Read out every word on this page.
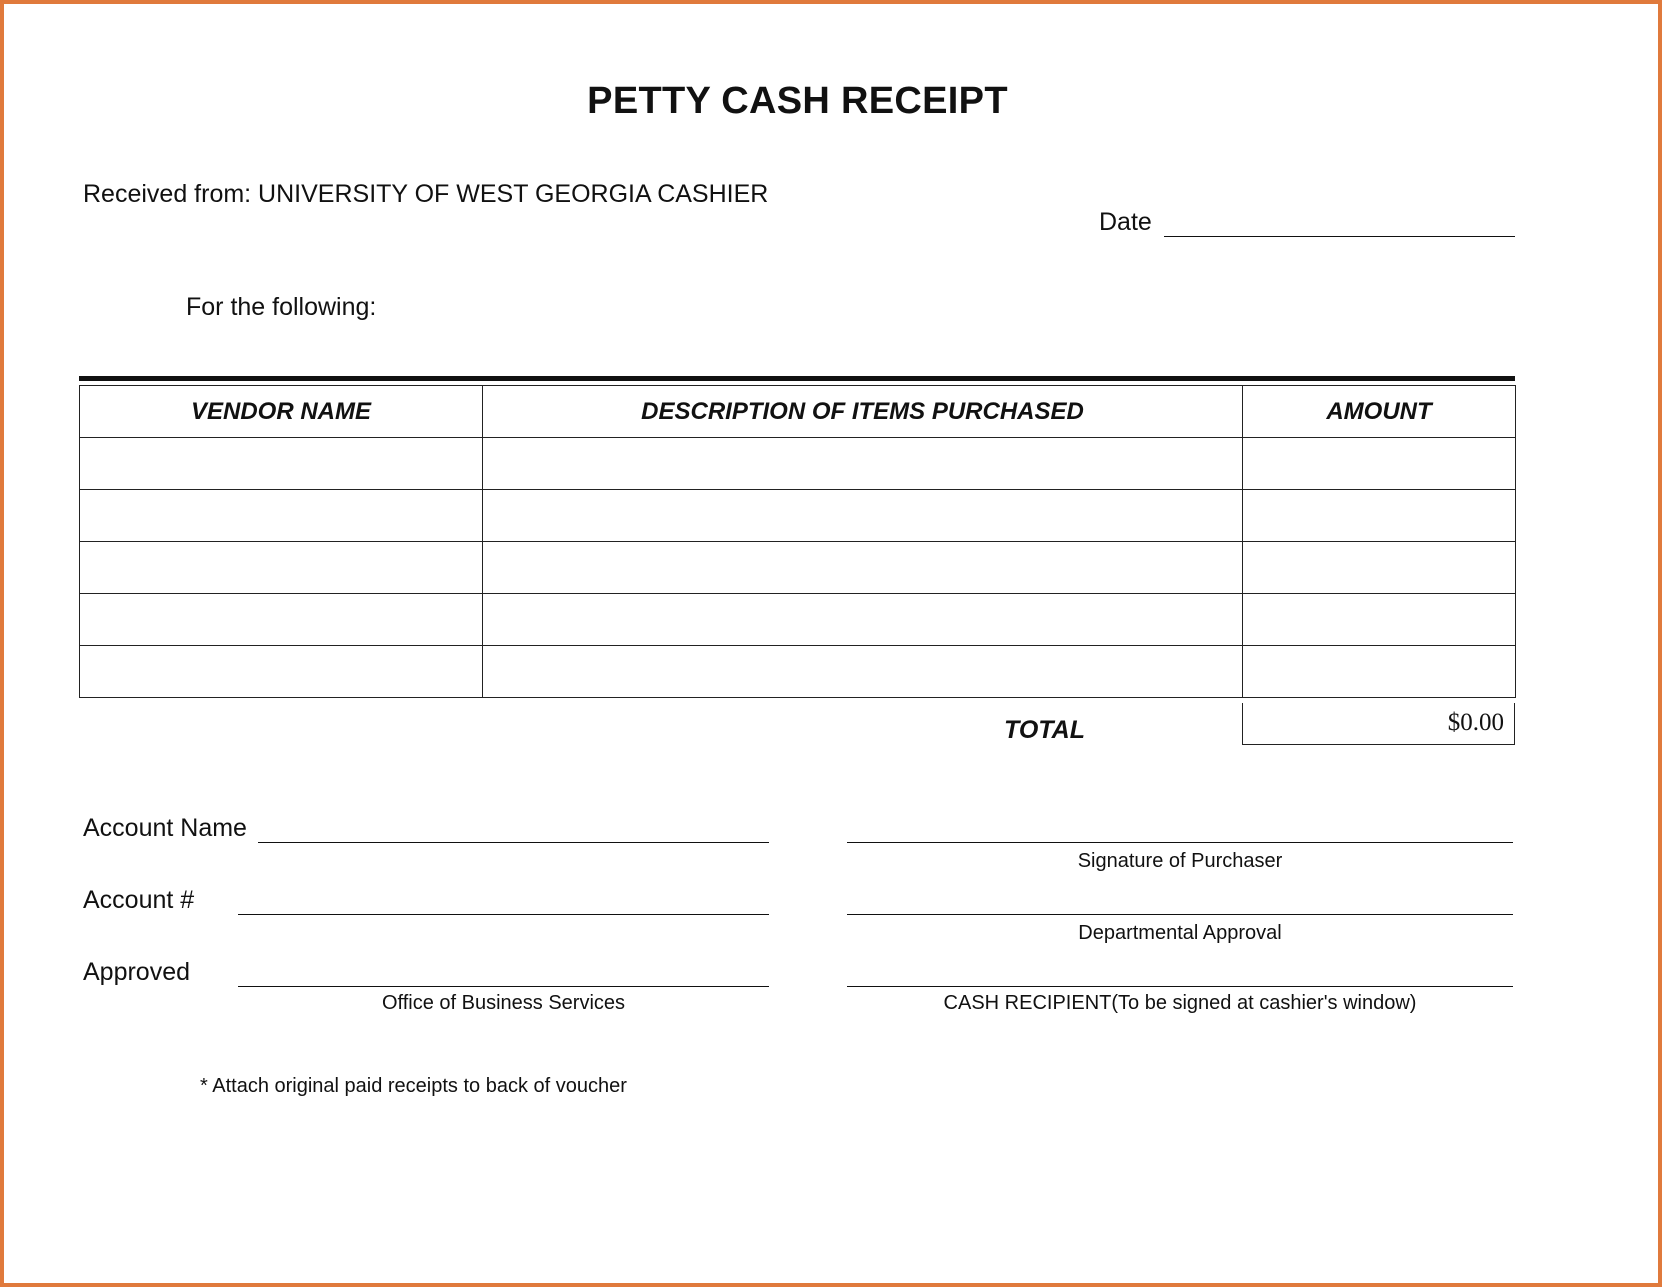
PETTY CASH RECEIPT
Received from: UNIVERSITY OF WEST GEORGIA CASHIER
Date
For the following:
VENDOR NAME	DESCRIPTION OF ITEMS PURCHASED	AMOUNT

TOTAL	$0.00
Account Name
Account #
Approved
Office of Business Services
Signature of Purchaser
Departmental Approval
CASH RECIPIENT(To be signed at cashier's window)
* Attach original paid receipts to back of voucher
